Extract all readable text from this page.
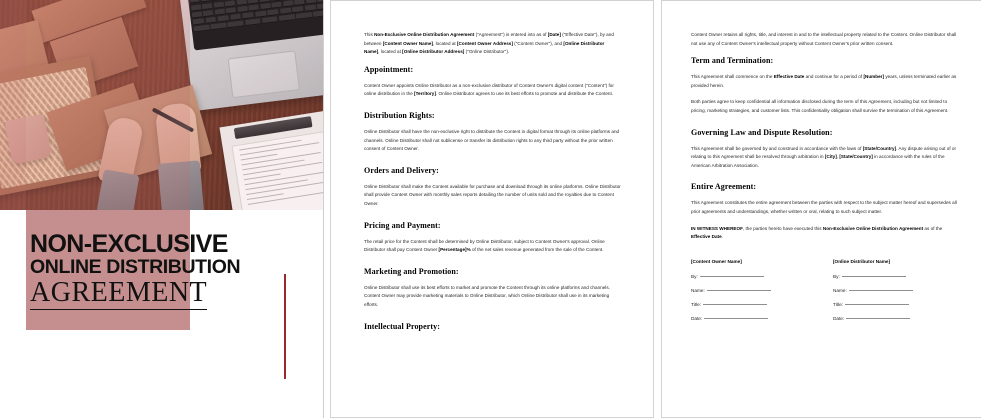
NON-EXCLUSIVE
ONLINE DISTRIBUTION
AGREEMENT

This Non-Exclusive Online Distribution Agreement ("Agreement") is entered into as of [Date] ("Effective Date"), by and between [Content Owner Name], located at [Content Owner Address] ("Content Owner"), and [Online Distributor Name], located at [Online Distributor Address] ("Online Distributor").

Appointment:

Content Owner appoints Online Distributor as a non-exclusive distributor of Content Owner's digital content ("Content") for online distribution in the [Territory]. Online Distributor agrees to use its best efforts to promote and distribute the Content.

Distribution Rights:

Online Distributor shall have the non-exclusive right to distribute the Content in digital format through its online platforms and channels. Online Distributor shall not sublicense or transfer its distribution rights to any third party without the prior written consent of Content Owner.

Orders and Delivery:

Online Distributor shall make the Content available for purchase and download through its online platforms. Online Distributor shall provide Content Owner with monthly sales reports detailing the number of units sold and the royalties due to Content Owner.

Pricing and Payment:

The retail price for the Content shall be determined by Online Distributor, subject to Content Owner's approval. Online Distributor shall pay Content Owner [Percentage]% of the net sales revenue generated from the sale of the Content.

Marketing and Promotion:

Online Distributor shall use its best efforts to market and promote the Content through its online platforms and channels. Content Owner may provide marketing materials to Online Distributor, which Online Distributor shall use in its marketing efforts.

Intellectual Property:

Content Owner retains all rights, title, and interest in and to the intellectual property related to the Content. Online Distributor shall not use any of Content Owner's intellectual property without Content Owner's prior written consent.

Term and Termination:

This Agreement shall commence on the Effective Date and continue for a period of [Number] years, unless terminated earlier as provided herein.

Both parties agree to keep confidential all information disclosed during the term of this Agreement, including but not limited to pricing, marketing strategies, and customer lists. This confidentiality obligation shall survive the termination of this Agreement.

Governing Law and Dispute Resolution:

This Agreement shall be governed by and construed in accordance with the laws of [State/Country]. Any dispute arising out of or relating to this Agreement shall be resolved through arbitration in [City], [State/Country] in accordance with the rules of the American Arbitration Association.

Entire Agreement:

This Agreement constitutes the entire agreement between the parties with respect to the subject matter hereof and supersedes all prior agreements and understandings, whether written or oral, relating to such subject matter.

IN WITNESS WHEREOF, the parties hereto have executed this Non-Exclusive Online Distribution Agreement as of the Effective Date.

[Content Owner Name]
By:
Name:
Title:
Date:
[Online Distributor Name]
By:
Name:
Title:
Date:
